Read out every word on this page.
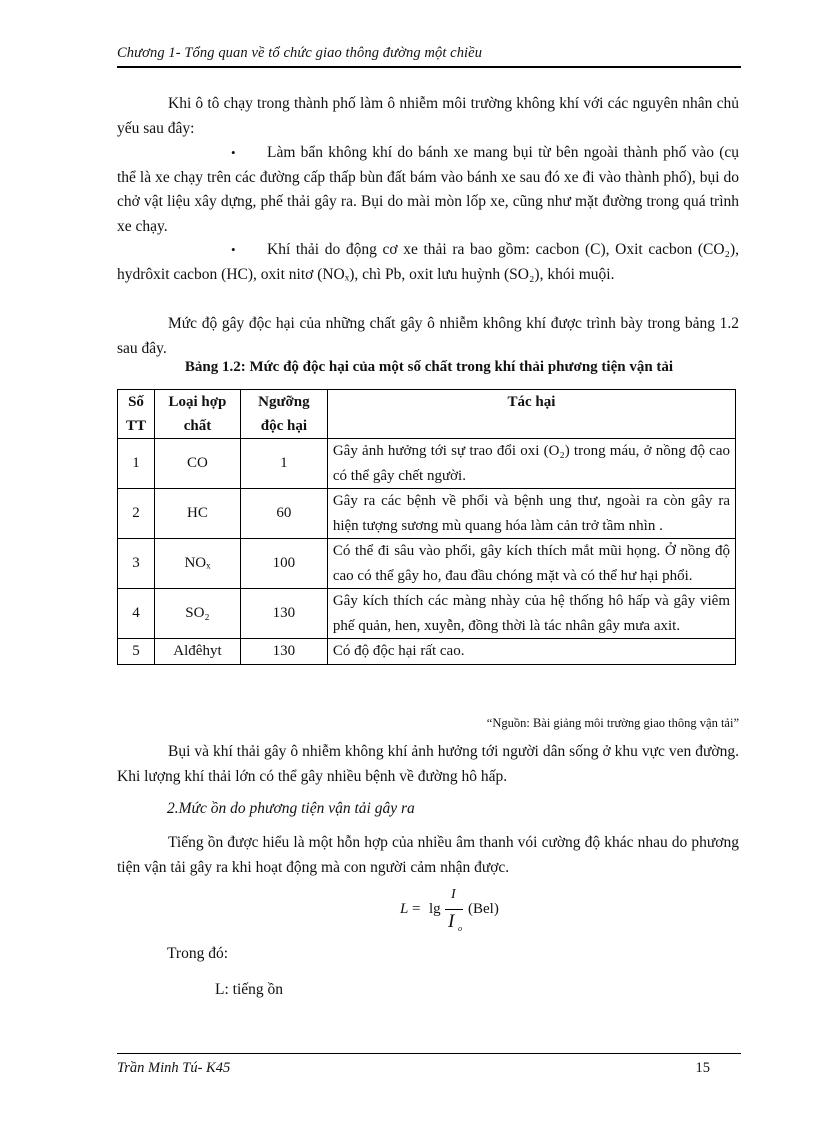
Chương 1- Tổng quan về tổ chức giao thông đường một chiều
Khi ô tô chạy trong thành phố làm ô nhiễm môi trường không khí với các nguyên nhân chủ yếu sau đây:
•	Làm bẩn không khí do bánh xe mang bụi từ bên ngoài thành phố vào (cụ thể là xe chạy trên các đường cấp thấp bùn đất bám vào bánh xe sau đó xe đi vào thành phố), bụi do chở vật liệu xây dựng, phế thải gây ra. Bụi do mài mòn lốp xe, cũng như mặt đường trong quá trình xe chạy.
•	Khí thải do động cơ xe thải ra bao gồm: cacbon (C), Oxit cacbon (CO₂), hydrôxit cacbon (HC), oxit nitơ (NOₓ), chì Pb, oxit lưu huỳnh (SO₂), khói muội.
Mức độ gây độc hại của những chất gây ô nhiễm không khí được trình bày trong bảng 1.2 sau đây.
Bảng 1.2: Mức độ độc hại của một số chất trong khí thải phương tiện vận tải
Số TT	Loại hợp chất	Ngưỡng độc hại	Tác hại
1	CO	1	Gây ảnh hưởng tới sự trao đổi oxi (O₂) trong máu, ở nồng độ cao có thể gây chết người.
2	HC	60	Gây ra các bệnh về phổi và bệnh ung thư, ngoài ra còn gây ra hiện tượng sương mù quang hóa làm cản trở tầm nhìn .
3	NOₓ	100	Có thể đi sâu vào phổi, gây kích thích mắt mũi họng. Ở nồng độ cao có thể gây ho, đau đầu chóng mặt và có thể hư hại phổi.
4	SO₂	130	Gây kích thích các màng nhày của hệ thống hô hấp và gây viêm phế quản, hen, xuyễn, đồng thời là tác nhân gây mưa axit.
5	Alđêhyt	130	Có độ độc hại rất cao.
“Nguồn: Bài giảng môi trường giao thông vận tải”
Bụi và khí thải gây ô nhiễm không khí ảnh hưởng tới người dân sống ở khu vực ven đường. Khi lượng khí thải lớn có thể gây nhiều bệnh về đường hô hấp.
2.Mức ồn do phương tiện vận tải gây ra
Tiếng ồn được hiểu là một hỗn hợp của nhiều âm thanh vói cường độ khác nhau do phương tiện vận tải gây ra khi hoạt động mà con người cảm nhận được.
L = lg
I
I o
(Bel)
Trong đó:
L: tiếng ồn
Trần Minh Tú- K45	15
